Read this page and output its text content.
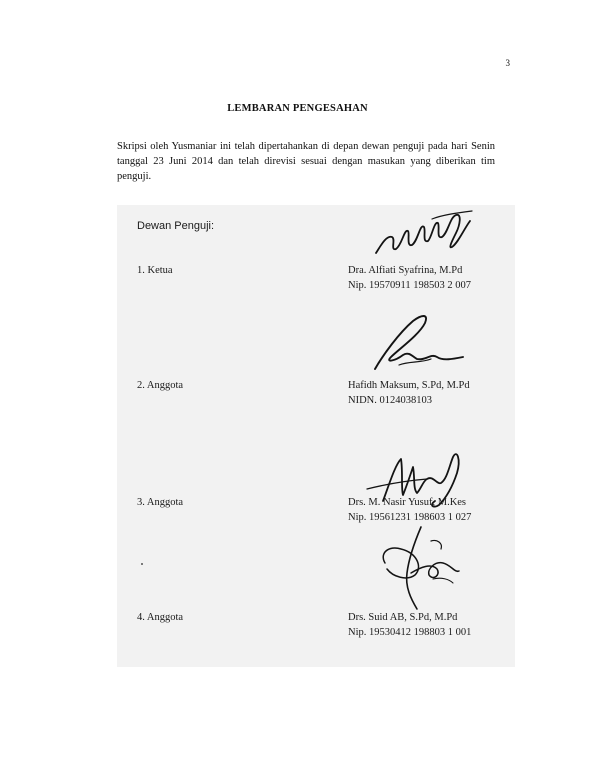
3
LEMBARAN PENGESAHAN
Skripsi oleh Yusmaniar ini telah dipertahankan di depan dewan penguji pada hari Senin tanggal 23 Juni 2014 dan telah direvisi sesuai dengan masukan yang diberikan tim penguji.
Dewan Penguji:
1. Ketua	Dra. Alfiati Syafrina, M.Pd
Nip. 19570911 198503 2 007
2. Anggota	Hafidh Maksum, S.Pd, M.Pd
NIDN. 0124038103
3. Anggota	Drs. M. Nasir Yusuf, M.Kes
Nip. 19561231 198603 1 027
4. Anggota	Drs. Suid AB, S.Pd, M.Pd
Nip. 19530412 198803 1 001
